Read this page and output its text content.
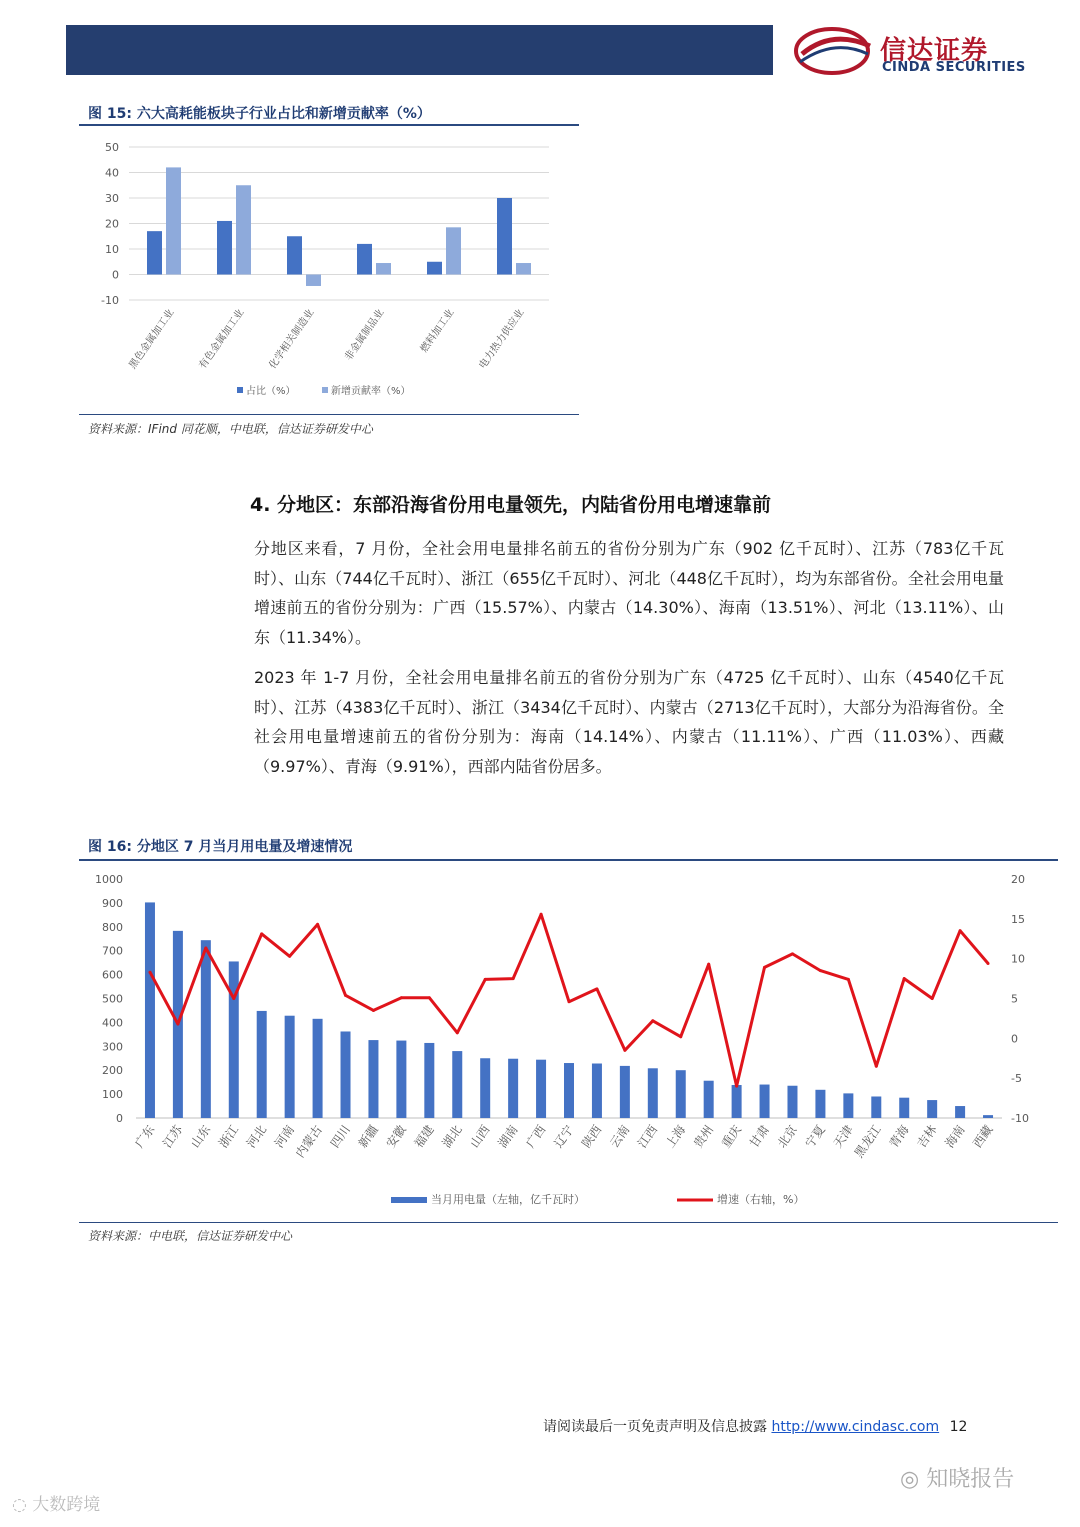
信达证券
CINDA SECURITIES
图 15: 六大高耗能板块子行业占比和新增贡献率（%）
-10
0
10
20
30
40
50
黑色金属加工业 有色金属加工业 化学相关制造业	非金属制品业	燃料加工业 电力热力供应业
占比（%）	新增贡献率（%）
资料来源：IFind 同花顺，中电联，信达证券研发中心
4. 分地区：东部沿海省份用电量领先，内陆省份用电增速靠前
分地区来看，7 月份，全社会用电量排名前五的省份分别为广东（902 亿千瓦时）、江苏（783亿千瓦时）、山东（744亿千瓦时）、浙江（655亿千瓦时）、河北（448亿千瓦时），均为东部省份。全社会用电量增速前五的省份分别为：广西（15.57%）、内蒙古（14.30%）、海南（13.51%）、河北（13.11%）、山东（11.34%）。
2023 年 1-7 月份，全社会用电量排名前五的省份分别为广东（4725 亿千瓦时）、山东（4540亿千瓦时）、江苏（4383亿千瓦时）、浙江（3434亿千瓦时）、内蒙古（2713亿千瓦时），大部分为沿海省份。全社会用电量增速前五的省份分别为：海南（14.14%）、内蒙古（11.11%）、广西（11.03%）、西藏（9.97%）、青海（9.91%），西部内陆省份居多。
图 16: 分地区 7 月当月用电量及增速情况
0
100
200
300
400
500
600
700
800
900
1000
-10
-5
0
5
10
15
20
广东 江苏 山东 浙江 河北 河南
内蒙古 四川 新疆 安徽 福建 湖北 山西 湖南 广西 辽宁 陕西 云南 江西 上海 贵州 重庆 甘肃 北京 宁夏 天津
黑龙江 青海 吉林 海南 西藏
当月用电量（左轴，亿千瓦时）	增速（右轴，%）
资料来源：中电联，信达证券研发中心
请阅读最后一页免责声明及信息披露 http://www.cindasc.com 12
◎ 知晓报告
◌ 大数跨境
